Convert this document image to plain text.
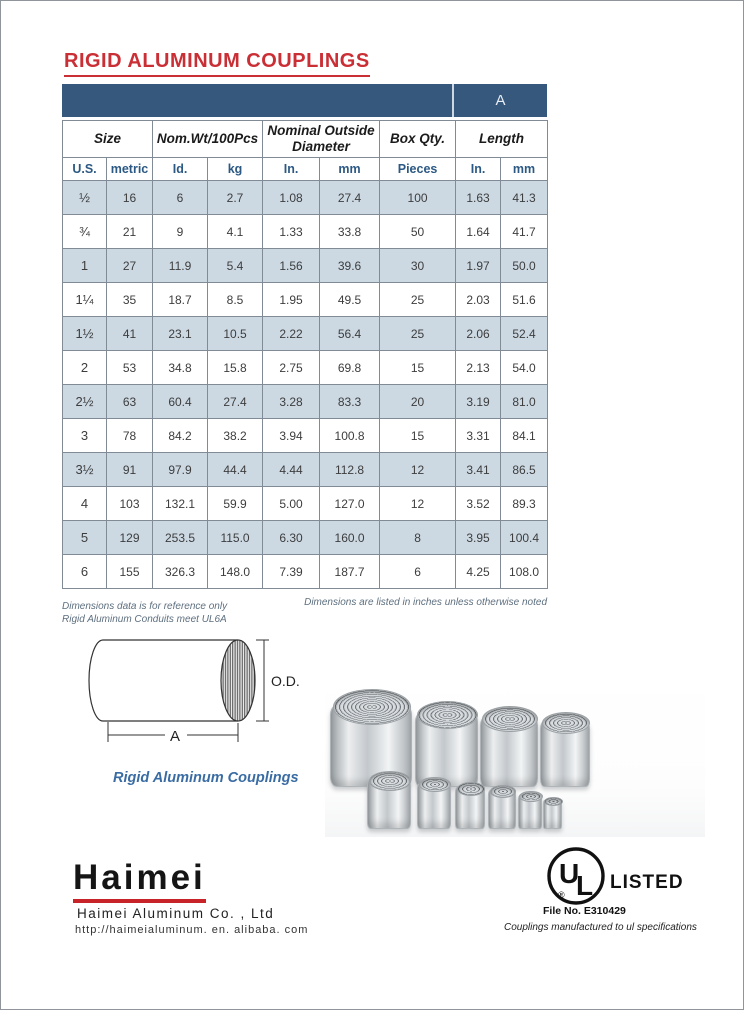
RIGID ALUMINUM COUPLINGS
A
Size		Nom.Wt/100Pcs		Nominal Outside Diameter		Box Qty.	Length	
U.S.	metric	Id.	kg	In.	mm	Pieces	In.	mm
½	16	6	2.7	1.08	27.4	100	1.63	41.3
¾	21	9	4.1	1.33	33.8	50	1.64	41.7
1	27	11.9	5.4	1.56	39.6	30	1.97	50.0
1¼	35	18.7	8.5	1.95	49.5	25	2.03	51.6
1½	41	23.1	10.5	2.22	56.4	25	2.06	52.4
2	53	34.8	15.8	2.75	69.8	15	2.13	54.0
2½	63	60.4	27.4	3.28	83.3	20	3.19	81.0
3	78	84.2	38.2	3.94	100.8	15	3.31	84.1
3½	91	97.9	44.4	4.44	112.8	12	3.41	86.5
4	103	132.1	59.9	5.00	127.0	12	3.52	89.3
5	129	253.5	115.0	6.30	160.0	8	3.95	100.4
6	155	326.3	148.0	7.39	187.7	6	4.25	108.0
Dimensions data is for reference only
Rigid Aluminum Conduits meet UL6A
Dimensions are listed in inches unless otherwise noted
O.D.
A
Rigid Aluminum Couplings
Haimei
Haimei Aluminum Co. , Ltd
http://haimeialuminum. en. alibaba. com
U
L
®
LISTED
File No. E310429
Couplings manufactured to ul specifications
